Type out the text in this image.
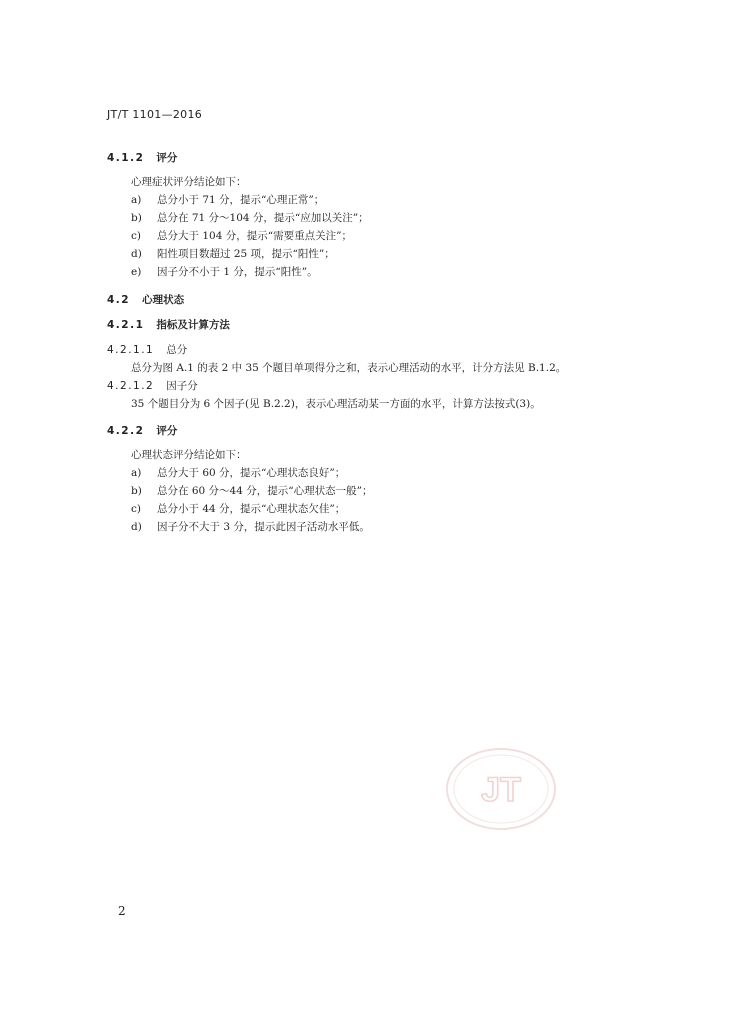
JT/T 1101—2016
4.1.2 评分
心理症状评分结论如下：
a) 总分小于 71 分，提示“心理正常”；
b) 总分在 71 分～104 分，提示“应加以关注”；
c) 总分大于 104 分，提示“需要重点关注”；
d) 阳性项目数超过 25 项，提示“阳性”；
e) 因子分不小于 1 分，提示“阳性”。
4.2 心理状态
4.2.1 指标及计算方法
4.2.1.1 总分
总分为图 A.1 的表 2 中 35 个题目单项得分之和，表示心理活动的水平，计分方法见 B.1.2。
4.2.1.2 因子分
35 个题目分为 6 个因子(见 B.2.2)，表示心理活动某一方面的水平，计算方法按式(3)。
4.2.2 评分
心理状态评分结论如下：
a) 总分大于 60 分，提示“心理状态良好”；
b) 总分在 60 分～44 分，提示“心理状态一般”；
c) 总分小于 44 分，提示“心理状态欠佳”；
d) 因子分不大于 3 分，提示此因子活动水平低。
JT
2
